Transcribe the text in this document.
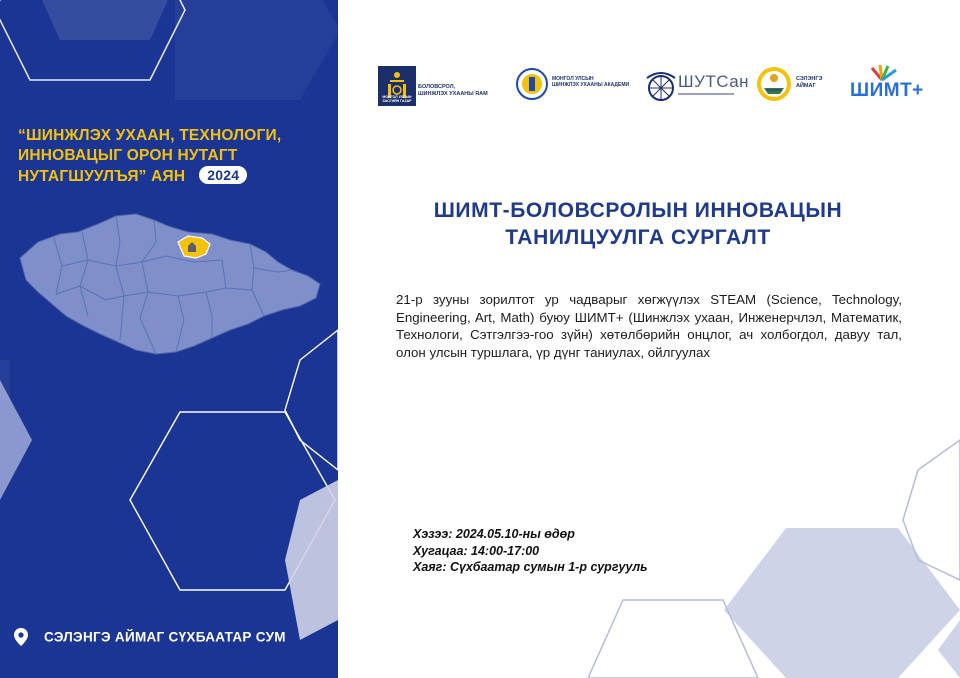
“ШИНЖЛЭХ УХААН, ТЕХНОЛОГИ,
ИННОВАЦЫГ ОРОН НУТАГТ
НУТАГШУУЛЪЯ” АЯН 2024
СЭЛЭНГЭ АЙМАГ СҮХБААТАР СУМ
МОНГОЛ УЛСЫН
ЗАСГИЙН ГАЗАР
БОЛОВСРОЛ,
ШИНЖЛЭХ УХААНЫ ЯАМ
МОНГОЛ УЛСЫН
ШИНЖЛЭХ УХААНЫ АКАДЕМИ	ШУТСан	СЭЛЭНГЭ
АЙМАГ	ШИМТ+
ШИМТ-БОЛОВСРОЛЫН ИННОВАЦЫН
ТАНИЛЦУУЛГА СУРГАЛТ
21-р зууны зорилтот ур чадварыг хөгжүүлэх STEAM (Science, Technology, Engineering, Art, Math) буюу ШИМТ+ (Шинжлэх ухаан, Инженерчлэл, Математик, Технологи, Сэтгэлгээ-гоо зүйн) хөтөлбөрийн онцлог, ач холбогдол, давуу тал, олон улсын туршлага, үр дүнг таниулах, ойлгуулах
Хэзээ: 2024.05.10-ны өдөр
Хугацаа: 14:00-17:00
Хаяг: Сүхбаатар сумын 1-р сургууль
